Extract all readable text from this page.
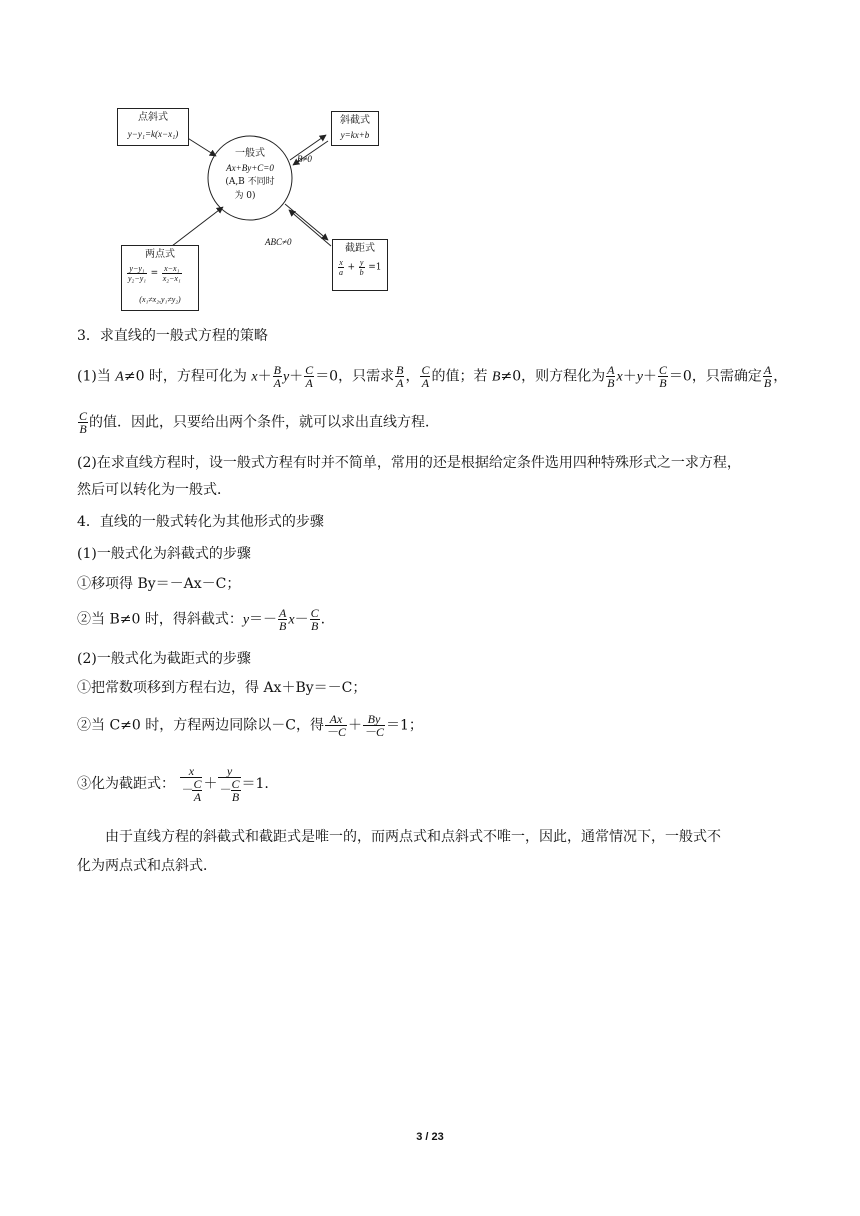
点斜式
y−y₁=k(x−x₁)
斜截式
y=kx+b
一般式
Ax+By+C=0
(A,B 不同时
为 0)
B≠0
ABC≠0
两点式
$\frac{\text{y−y₁}}{\text{y₂−y₁}} = \frac{\text{x−x₁}}{\text{x₂−x₁}}$
(x₁≠x₂,y₁≠y₂)
截距式
$\frac{x}{a} + \frac{y}{b} =1$
3．求直线的一般式方程的策略
(1)当 A≠0 时，方程可化为 $x+ \frac{B}{A} y+ \frac{C}{A} =0$，只需求 $\frac{B}{A}$ ， $\frac{C}{A}$ 的值；若 B≠0，则方程化为 $\frac{A}{B} x+y+ \frac{C}{B} =0$，只需确定 $\frac{A}{B}$ ，
$\frac{C}{B}$ 的值．因此，只要给出两个条件，就可以求出直线方程．
(2)在求直线方程时，设一般式方程有时并不简单，常用的还是根据给定条件选用四种特殊形式之一求方程，
然后可以转化为一般式．
4．直线的一般式转化为其他形式的步骤
(1)一般式化为斜截式的步骤
①移项得 By＝－Ax－C；
②当 B≠0 时，得斜截式：$y=- \frac{A}{B} x- \frac{C}{B}$ .
(2)一般式化为截距式的步骤
①把常数项移到方程右边，得 Ax＋By＝－C；
②当 C≠0 时，方程两边同除以－C，得 $\frac{Ax}{-C} + \frac{By}{-C} =1$；
③化为截距式： $\frac{x}{- \frac{C}{A}} + \frac{y}{- \frac{C}{B}} =1$.
由于直线方程的斜截式和截距式是唯一的，而两点式和点斜式不唯一，因此，通常情况下，一般式不
化为两点式和点斜式．
3 / 23
